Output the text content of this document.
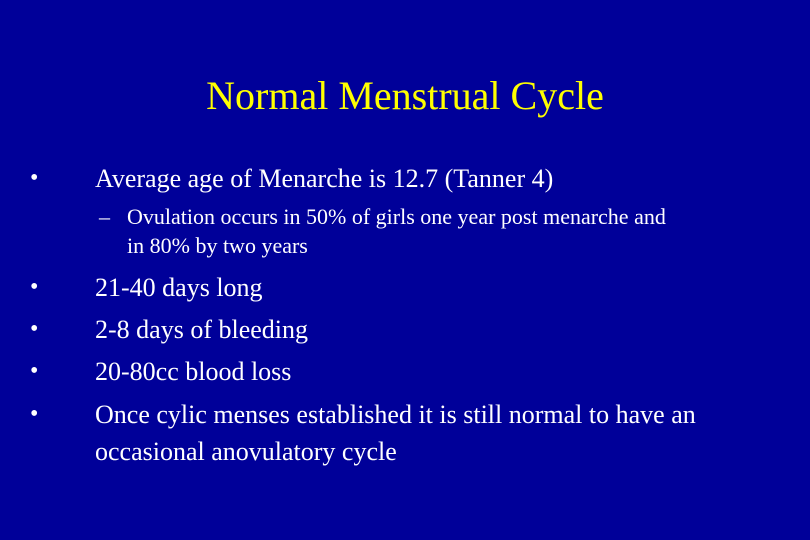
Normal Menstrual Cycle
•	Average age of Menarche is 12.7 (Tanner 4)
– Ovulation occurs in 50% of girls one year post menarche and in 80% by two years
•	21-40 days long
•	2-8 days of bleeding
•	20-80cc blood loss
•	Once cylic menses established it is still normal to have an occasional anovulatory cycle
